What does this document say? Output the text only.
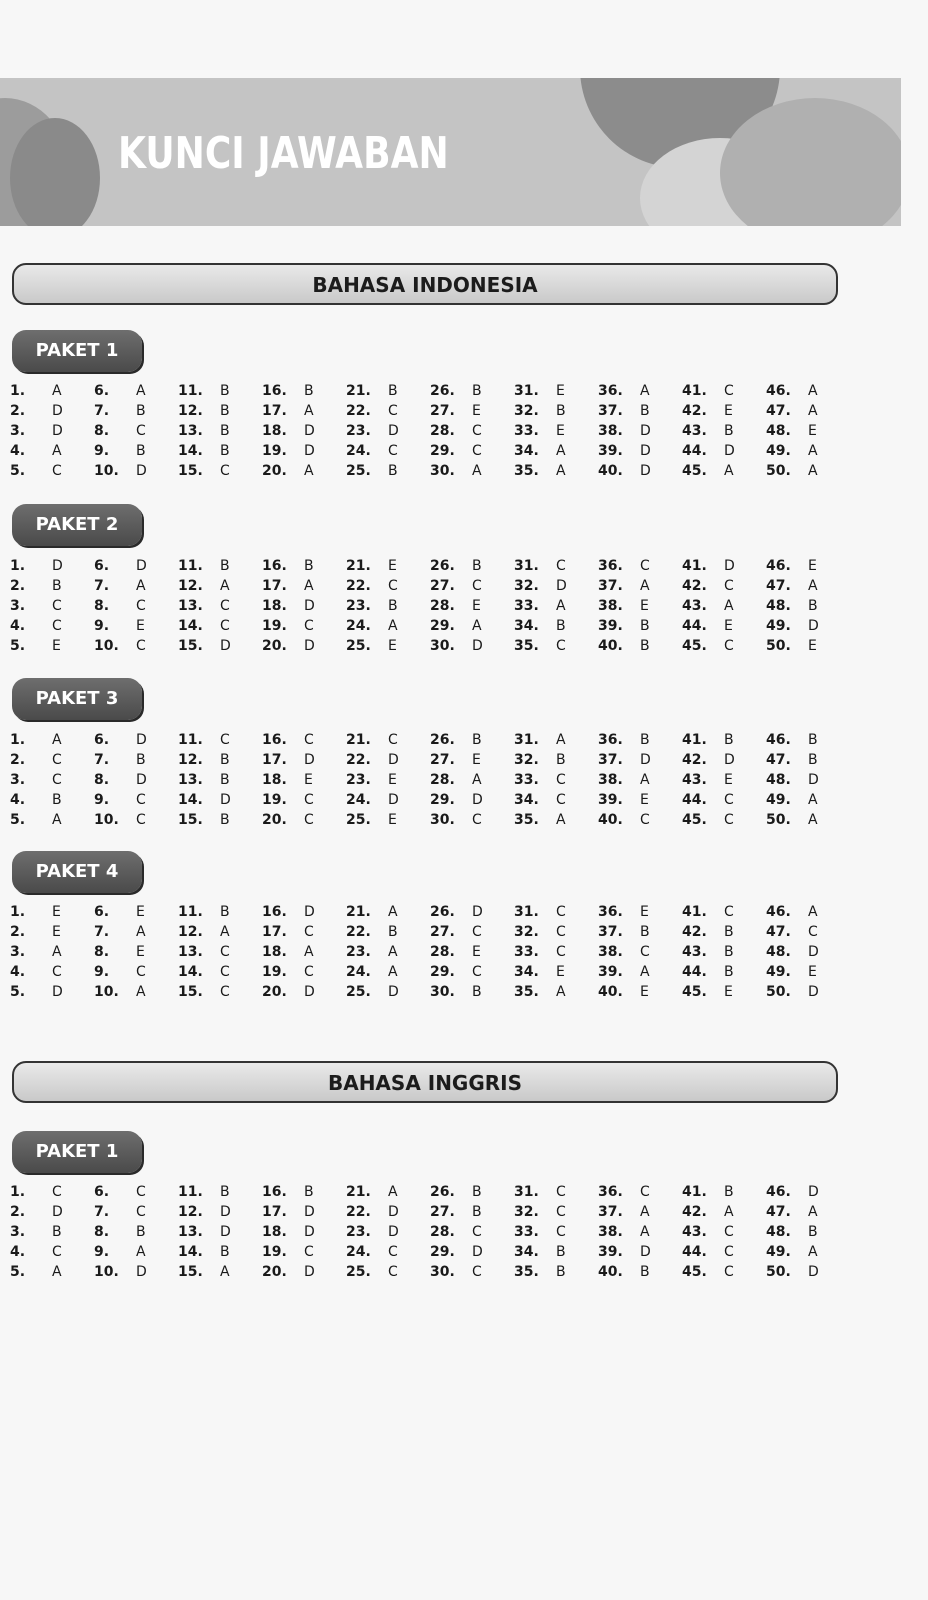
KUNCI JAWABAN
BAHASA INDONESIA
PAKET 1
1. A
2. D
3. D
4. A
5. C
6. A
7. B
8. C
9. B
10. D
11. B
12. B
13. B
14. B
15. C
16. B
17. A
18. D
19. D
20. A
21. B
22. C
23. D
24. C
25. B
26. B
27. E
28. C
29. C
30. A
31. E
32. B
33. E
34. A
35. A
36. A
37. B
38. D
39. D
40. D
41. C
42. E
43. B
44. D
45. A
46. A
47. A
48. E
49. A
50. A
PAKET 2
1. D
2. B
3. C
4. C
5. E
6. D
7. A
8. C
9. E
10. C
11. B
12. A
13. C
14. C
15. D
16. B
17. A
18. D
19. C
20. D
21. E
22. C
23. B
24. A
25. E
26. B
27. C
28. E
29. A
30. D
31. C
32. D
33. A
34. B
35. C
36. C
37. A
38. E
39. B
40. B
41. D
42. C
43. A
44. E
45. C
46. E
47. A
48. B
49. D
50. E
PAKET 3
1. A
2. C
3. C
4. B
5. A
6. D
7. B
8. D
9. C
10. C
11. C
12. B
13. B
14. D
15. B
16. C
17. D
18. E
19. C
20. C
21. C
22. D
23. E
24. D
25. E
26. B
27. E
28. A
29. D
30. C
31. A
32. B
33. C
34. C
35. A
36. B
37. D
38. A
39. E
40. C
41. B
42. D
43. E
44. C
45. C
46. B
47. B
48. D
49. A
50. A
PAKET 4
1. E
2. E
3. A
4. C
5. D
6. E
7. A
8. E
9. C
10. A
11. B
12. A
13. C
14. C
15. C
16. D
17. C
18. A
19. C
20. D
21. A
22. B
23. A
24. A
25. D
26. D
27. C
28. E
29. C
30. B
31. C
32. C
33. C
34. E
35. A
36. E
37. B
38. C
39. A
40. E
41. C
42. B
43. B
44. B
45. E
46. A
47. C
48. D
49. E
50. D
BAHASA INGGRIS
PAKET 1
1. C
2. D
3. B
4. C
5. A
6. C
7. C
8. B
9. A
10. D
11. B
12. D
13. D
14. B
15. A
16. B
17. D
18. D
19. C
20. D
21. A
22. D
23. D
24. C
25. C
26. B
27. B
28. C
29. D
30. C
31. C
32. C
33. C
34. B
35. B
36. C
37. A
38. A
39. D
40. B
41. B
42. A
43. C
44. C
45. C
46. D
47. A
48. B
49. A
50. D
